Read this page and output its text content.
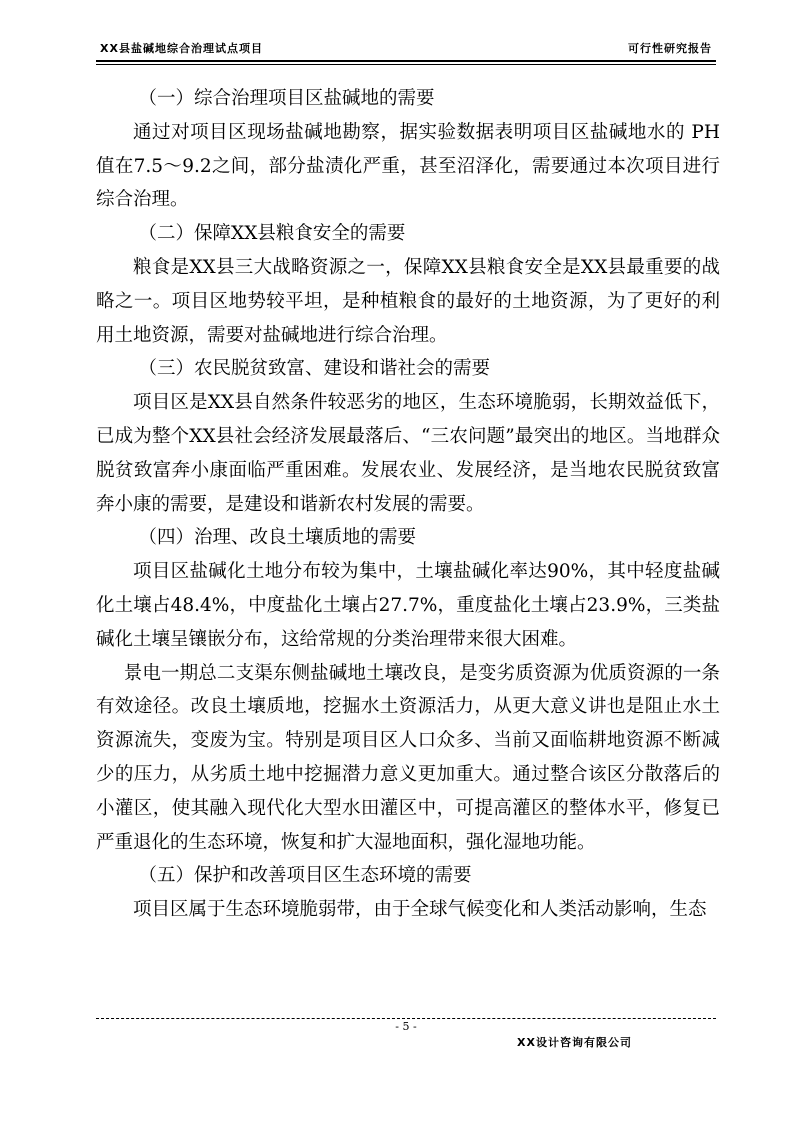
XX县盐碱地综合治理试点项目	可行性研究报告

（一）综合治理项目区盐碱地的需要

通过对项目区现场盐碱地勘察，据实验数据表明项目区盐碱地水的 PH 值在7.5～9.2之间，部分盐渍化严重，甚至沼泽化，需要通过本次项目进行综合治理。

（二）保障XX县粮食安全的需要

粮食是XX县三大战略资源之一，保障XX县粮食安全是XX县最重要的战略之一。项目区地势较平坦，是种植粮食的最好的土地资源，为了更好的利用土地资源，需要对盐碱地进行综合治理。

（三）农民脱贫致富、建设和谐社会的需要

项目区是XX县自然条件较恶劣的地区，生态环境脆弱，长期效益低下，已成为整个XX县社会经济发展最落后、“三农问题”最突出的地区。当地群众脱贫致富奔小康面临严重困难。发展农业、发展经济，是当地农民脱贫致富奔小康的需要，是建设和谐新农村发展的需要。

（四）治理、改良土壤质地的需要

项目区盐碱化土地分布较为集中，土壤盐碱化率达90%，其中轻度盐碱化土壤占48.4%，中度盐化土壤占27.7%，重度盐化土壤占23.9%，三类盐碱化土壤呈镶嵌分布，这给常规的分类治理带来很大困难。

景电一期总二支渠东侧盐碱地土壤改良，是变劣质资源为优质资源的一条有效途径。改良土壤质地，挖掘水土资源活力，从更大意义讲也是阻止水土资源流失，变废为宝。特别是项目区人口众多、当前又面临耕地资源不断减少的压力，从劣质土地中挖掘潜力意义更加重大。通过整合该区分散落后的小灌区，使其融入现代化大型水田灌区中，可提高灌区的整体水平，修复已严重退化的生态环境，恢复和扩大湿地面积，强化湿地功能。

（五）保护和改善项目区生态环境的需要

项目区属于生态环境脆弱带，由于全球气候变化和人类活动影响，生态

- 5 -
XX设计咨询有限公司
